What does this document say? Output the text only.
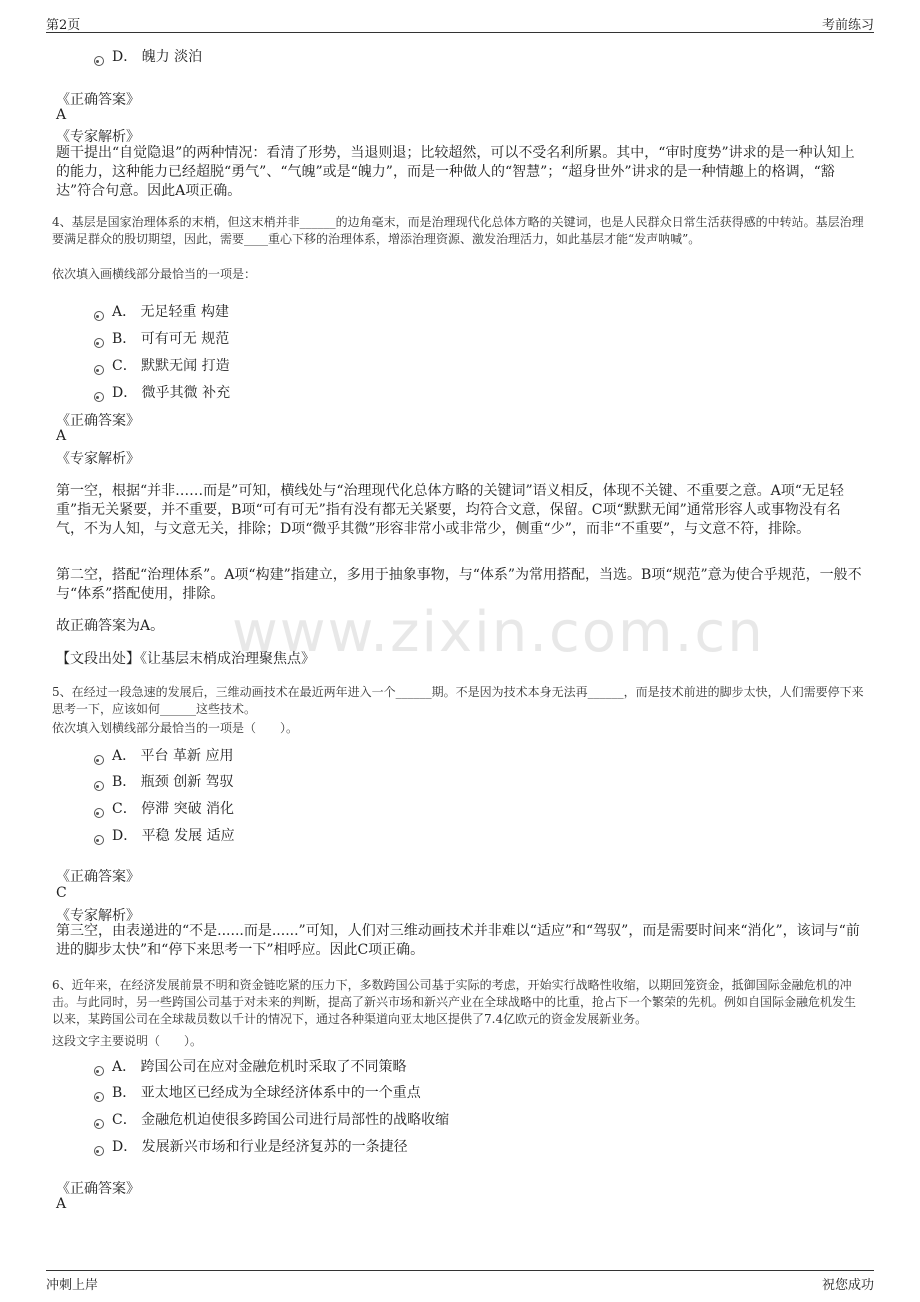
第2页	考前练习
www.zixin.com.cn
D． 魄力 淡泊
《正确答案》
A
《专家解析》
题干提出“自觉隐退”的两种情况：看清了形势，当退则退；比较超然，可以不受名利所累。其中，“审时度势”讲求的是一种认知上的能力，这种能力已经超脱“勇气”、“气魄”或是“魄力”，而是一种做人的“智慧”；“超身世外”讲求的是一种情趣上的格调，“豁达”符合句意。因此A项正确。
4、基层是国家治理体系的末梢，但这末梢并非______的边角毫末，而是治理现代化总体方略的关键词，也是人民群众日常生活获得感的中转站。基层治理要满足群众的殷切期望，因此，需要____重心下移的治理体系，增添治理资源、激发治理活力，如此基层才能“发声呐喊”。
依次填入画横线部分最恰当的一项是：
A． 无足轻重 构建
B． 可有可无 规范
C． 默默无闻 打造
D． 微乎其微 补充
《正确答案》
A
《专家解析》
第一空，根据“并非……而是”可知，横线处与“治理现代化总体方略的关键词”语义相反，体现不关键、不重要之意。A项“无足轻重”指无关紧要，并不重要，B项“可有可无”指有没有都无关紧要，均符合文意，保留。C项“默默无闻”通常形容人或事物没有名气，不为人知，与文意无关，排除；D项“微乎其微”形容非常小或非常少，侧重“少”，而非“不重要”，与文意不符，排除。
第二空，搭配“治理体系”。A项“构建”指建立，多用于抽象事物，与“体系”为常用搭配，当选。B项“规范”意为使合乎规范，一般不与“体系”搭配使用，排除。
故正确答案为A。
【文段出处】《让基层末梢成治理聚焦点》
5、在经过一段急速的发展后，三维动画技术在最近两年进入一个______期。不是因为技术本身无法再______，而是技术前进的脚步太快，人们需要停下来思考一下，应该如何______这些技术。
依次填入划横线部分最恰当的一项是（　　）。
A． 平台 革新 应用
B． 瓶颈 创新 驾驭
C． 停滞 突破 消化
D． 平稳 发展 适应
《正确答案》
C
《专家解析》
第三空，由表递进的“不是......而是......”可知，人们对三维动画技术并非难以“适应”和“驾驭”，而是需要时间来“消化”，该词与“前进的脚步太快”和“停下来思考一下”相呼应。因此C项正确。
6、近年来，在经济发展前景不明和资金链吃紧的压力下，多数跨国公司基于实际的考虑，开始实行战略性收缩，以期回笼资金，抵御国际金融危机的冲击。与此同时，另一些跨国公司基于对未来的判断，提高了新兴市场和新兴产业在全球战略中的比重，抢占下一个繁荣的先机。例如自国际金融危机发生以来，某跨国公司在全球裁员数以千计的情况下，通过各种渠道向亚太地区提供了7.4亿欧元的资金发展新业务。
这段文字主要说明（　　）。
A． 跨国公司在应对金融危机时采取了不同策略
B． 亚太地区已经成为全球经济体系中的一个重点
C． 金融危机迫使很多跨国公司进行局部性的战略收缩
D． 发展新兴市场和行业是经济复苏的一条捷径
《正确答案》
A
冲刺上岸	祝您成功
